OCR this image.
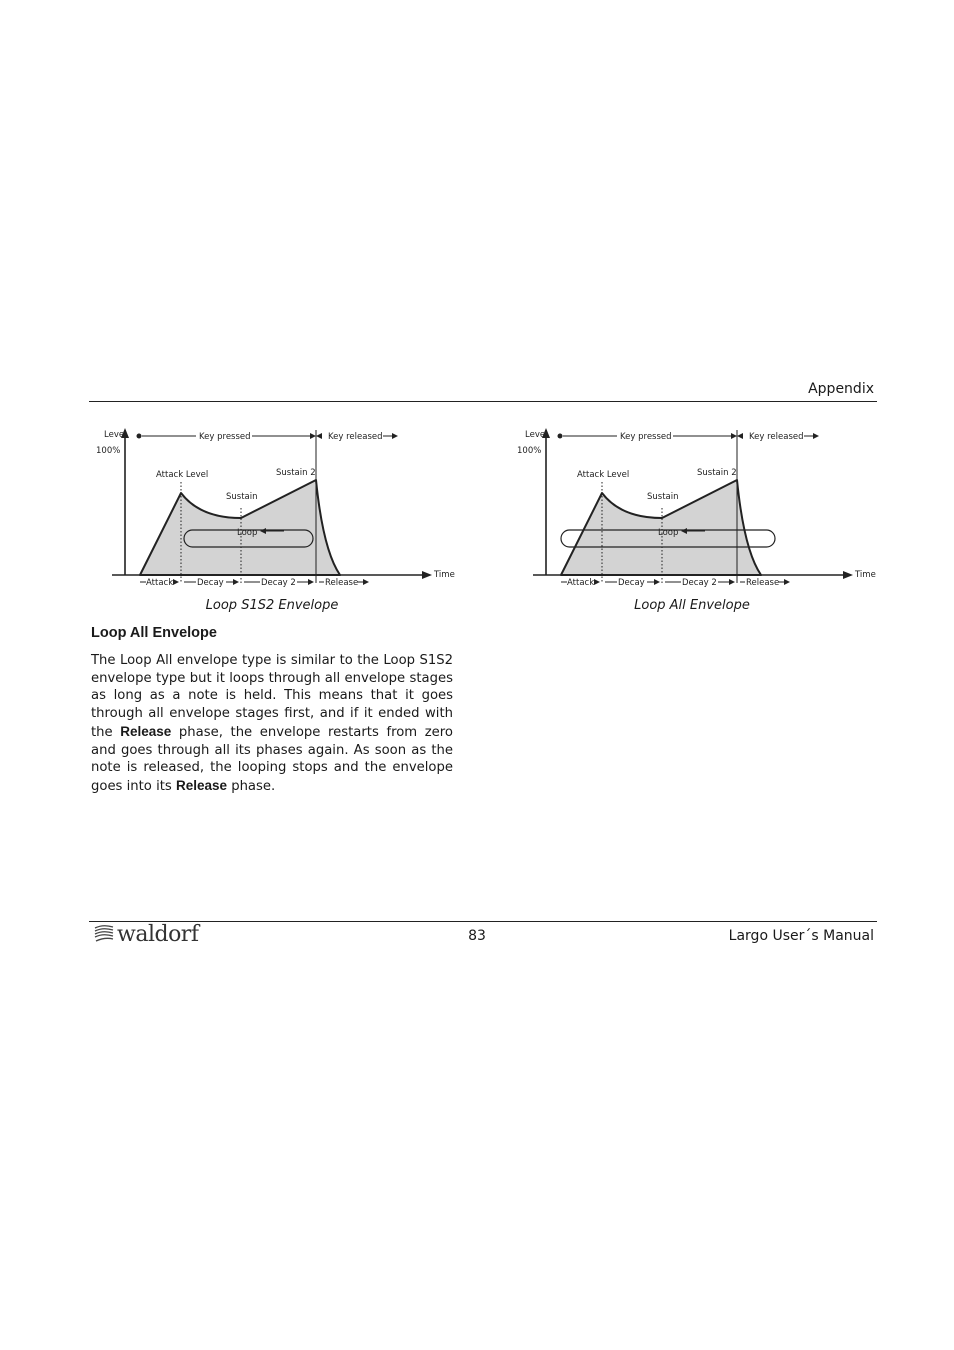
Appendix
Level
100%
Time
Key pressed	Key released
Attack Level
Sustain
Sustain 2
Loop
Attack	Decay	Decay 2	Release
Loop S1S2 Envelope
Level
100%
Time
Key pressed	Key released
Attack Level
Sustain
Sustain 2
Loop
Attack	Decay	Decay 2	Release
Loop All Envelope
Loop All Envelope
The Loop All envelope type is similar to the Loop S1S2 envelope type but it loops through all envelope stages as long as a note is held. This means that it goes through all envelope stages first, and if it ended with the Release phase, the envelope restarts from zero and goes through all its phases again. As soon as the note is released, the looping stops and the envelope goes into its Release phase.
waldorf	83	Largo User´s Manual
